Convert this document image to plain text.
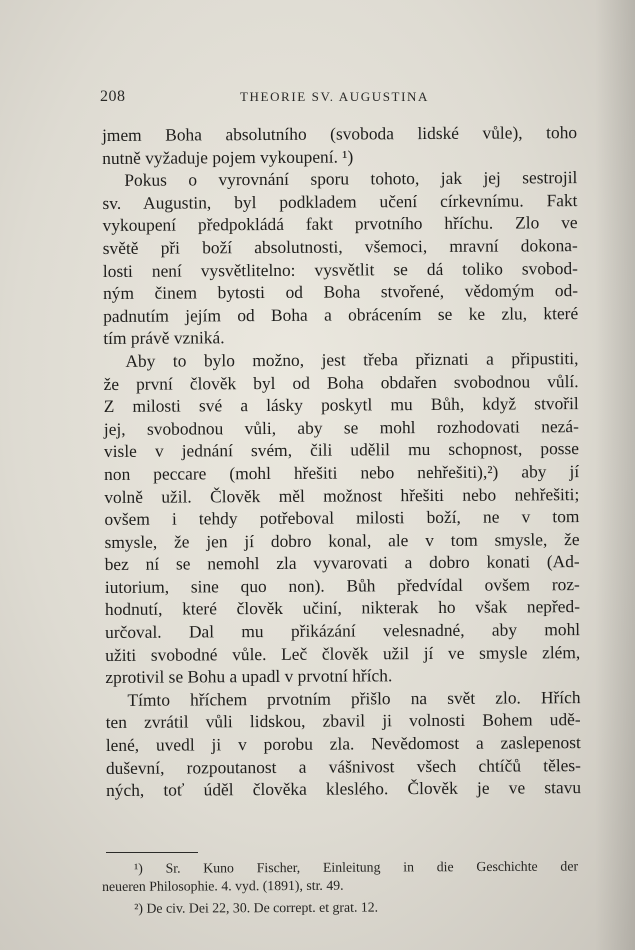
208	THEORIE SV. AUGUSTINA
jmem Boha absolutního (svoboda lidské vůle), toho
nutně vyžaduje pojem vykoupení. ¹)
Pokus o vyrovnání sporu tohoto, jak jej sestrojil
sv. Augustin, byl podkladem učení církevnímu. Fakt
vykoupení předpokládá fakt prvotního hříchu. Zlo ve
světě při boží absolutnosti, všemoci, mravní dokona-
losti není vysvětlitelno: vysvětlit se dá toliko svobod-
ným činem bytosti od Boha stvořené, vědomým od-
padnutím jejím od Boha a obrácením se ke zlu, které
tím právě vzniká.
Aby to bylo možno, jest třeba přiznati a připustiti,
že první člověk byl od Boha obdařen svobodnou vůlí.
Z milosti své a lásky poskytl mu Bůh, když stvořil
jej, svobodnou vůli, aby se mohl rozhodovati nezá-
visle v jednání svém, čili udělil mu schopnost, posse
non peccare (mohl hřešiti nebo nehřešiti),²) aby jí
volně užil. Člověk měl možnost hřešiti nebo nehřešiti;
ovšem i tehdy potřeboval milosti boží, ne v tom
smysle, že jen jí dobro konal, ale v tom smysle, že
bez ní se nemohl zla vyvarovati a dobro konati (Ad-
iutorium, sine quo non). Bůh předvídal ovšem roz-
hodnutí, které člověk učiní, nikterak ho však nepřed-
určoval. Dal mu přikázání velesnadné, aby mohl
užiti svobodné vůle. Leč člověk užil jí ve smysle zlém,
zprotivil se Bohu a upadl v prvotní hřích.
Tímto hříchem prvotním přišlo na svět zlo. Hřích
ten zvrátil vůli lidskou, zbavil ji volnosti Bohem udě-
lené, uvedl ji v porobu zla. Nevědomost a zaslepenost
duševní, rozpoutanost a vášnivost všech chtíčů těles-
ných, toť úděl člověka kleslého. Člověk je ve stavu
¹) Sr. Kuno Fischer, Einleitung in die Geschichte der
neueren Philosophie. 4. vyd. (1891), str. 49.
²) De civ. Dei 22, 30. De corrept. et grat. 12.
